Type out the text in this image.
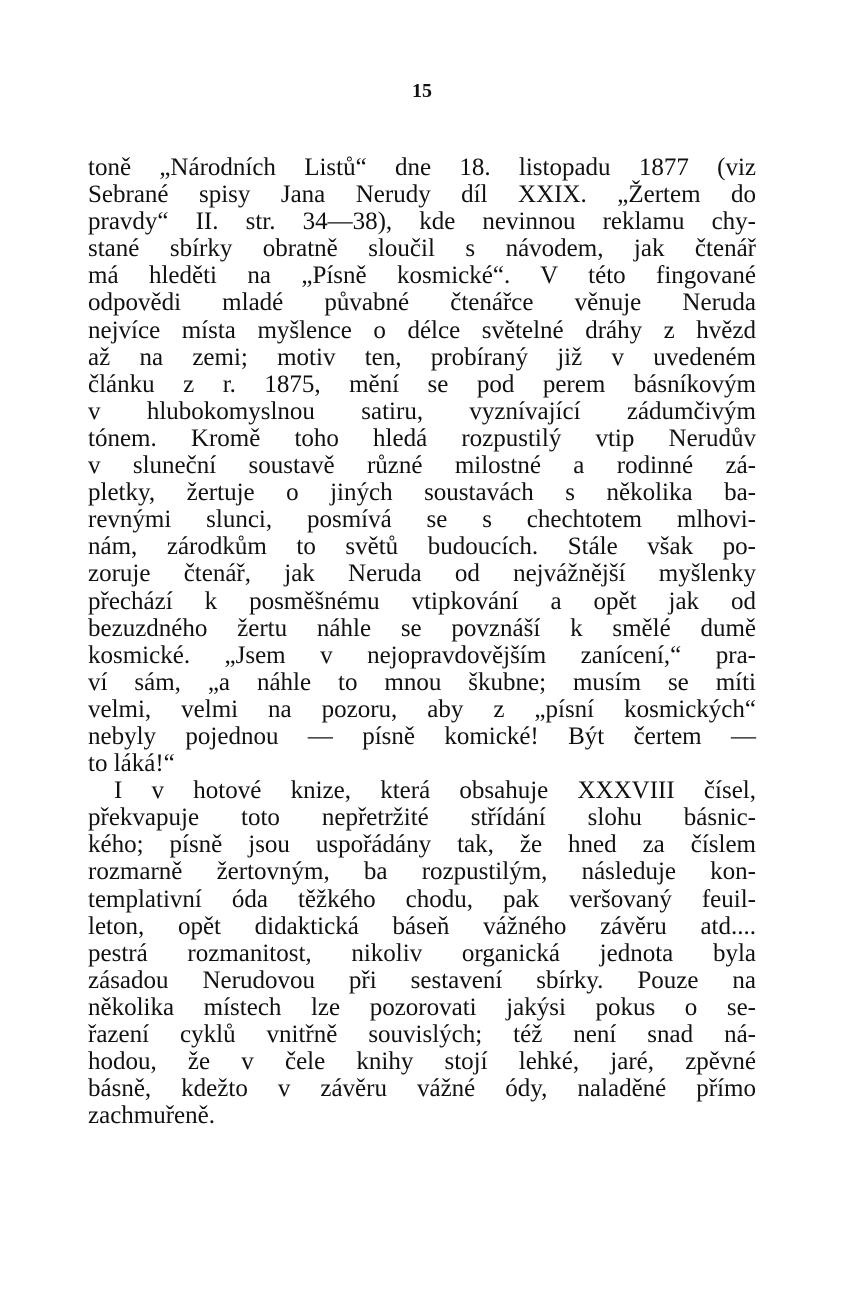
15
toně „Národních Listů“ dne 18. listopadu 1877 (viz
Sebrané spisy Jana Nerudy díl XXIX. „Žertem do
pravdy“ II. str. 34—38), kde nevinnou reklamu chy-
stané sbírky obratně sloučil s návodem, jak čtenář
má hleděti na „Písně kosmické“. V této fingované
odpovědi mladé půvabné čtenářce věnuje Neruda
nejvíce místa myšlence o délce světelné dráhy z hvězd
až na zemi; motiv ten, probíraný již v uvedeném
článku z r. 1875, mění se pod perem básníkovým
v hlubokomyslnou satiru, vyznívající zádumčivým
tónem. Kromě toho hledá rozpustilý vtip Nerudův
v sluneční soustavě různé milostné a rodinné zá-
pletky, žertuje o jiných soustavách s několika ba-
revnými slunci, posmívá se s chechtotem mlhovi-
nám, zárodkům to světů budoucích. Stále však po-
zoruje čtenář, jak Neruda od nejvážnější myšlenky
přechází k posměšnému vtipkování a opět jak od
bezuzdného žertu náhle se povznáší k smělé dumě
kosmické. „Jsem v nejopravdovějším zanícení,“ pra-
ví sám, „a náhle to mnou škubne; musím se míti
velmi, velmi na pozoru, aby z „písní kosmických“
nebyly pojednou — písně komické! Být čertem —
to láká!“
I v hotové knize, která obsahuje XXXVIII čísel,
překvapuje toto nepřetržité střídání slohu básnic-
kého; písně jsou uspořádány tak, že hned za číslem
rozmarně žertovným, ba rozpustilým, následuje kon-
templativní óda těžkého chodu, pak veršovaný feuil-
leton, opět didaktická báseň vážného závěru atd....
pestrá rozmanitost, nikoliv organická jednota byla
zásadou Nerudovou při sestavení sbírky. Pouze na
několika místech lze pozorovati jakýsi pokus o se-
řazení cyklů vnitřně souvislých; též není snad ná-
hodou, že v čele knihy stojí lehké, jaré, zpěvné
básně, kdežto v závěru vážné ódy, naladěné přímo
zachmuřeně.
